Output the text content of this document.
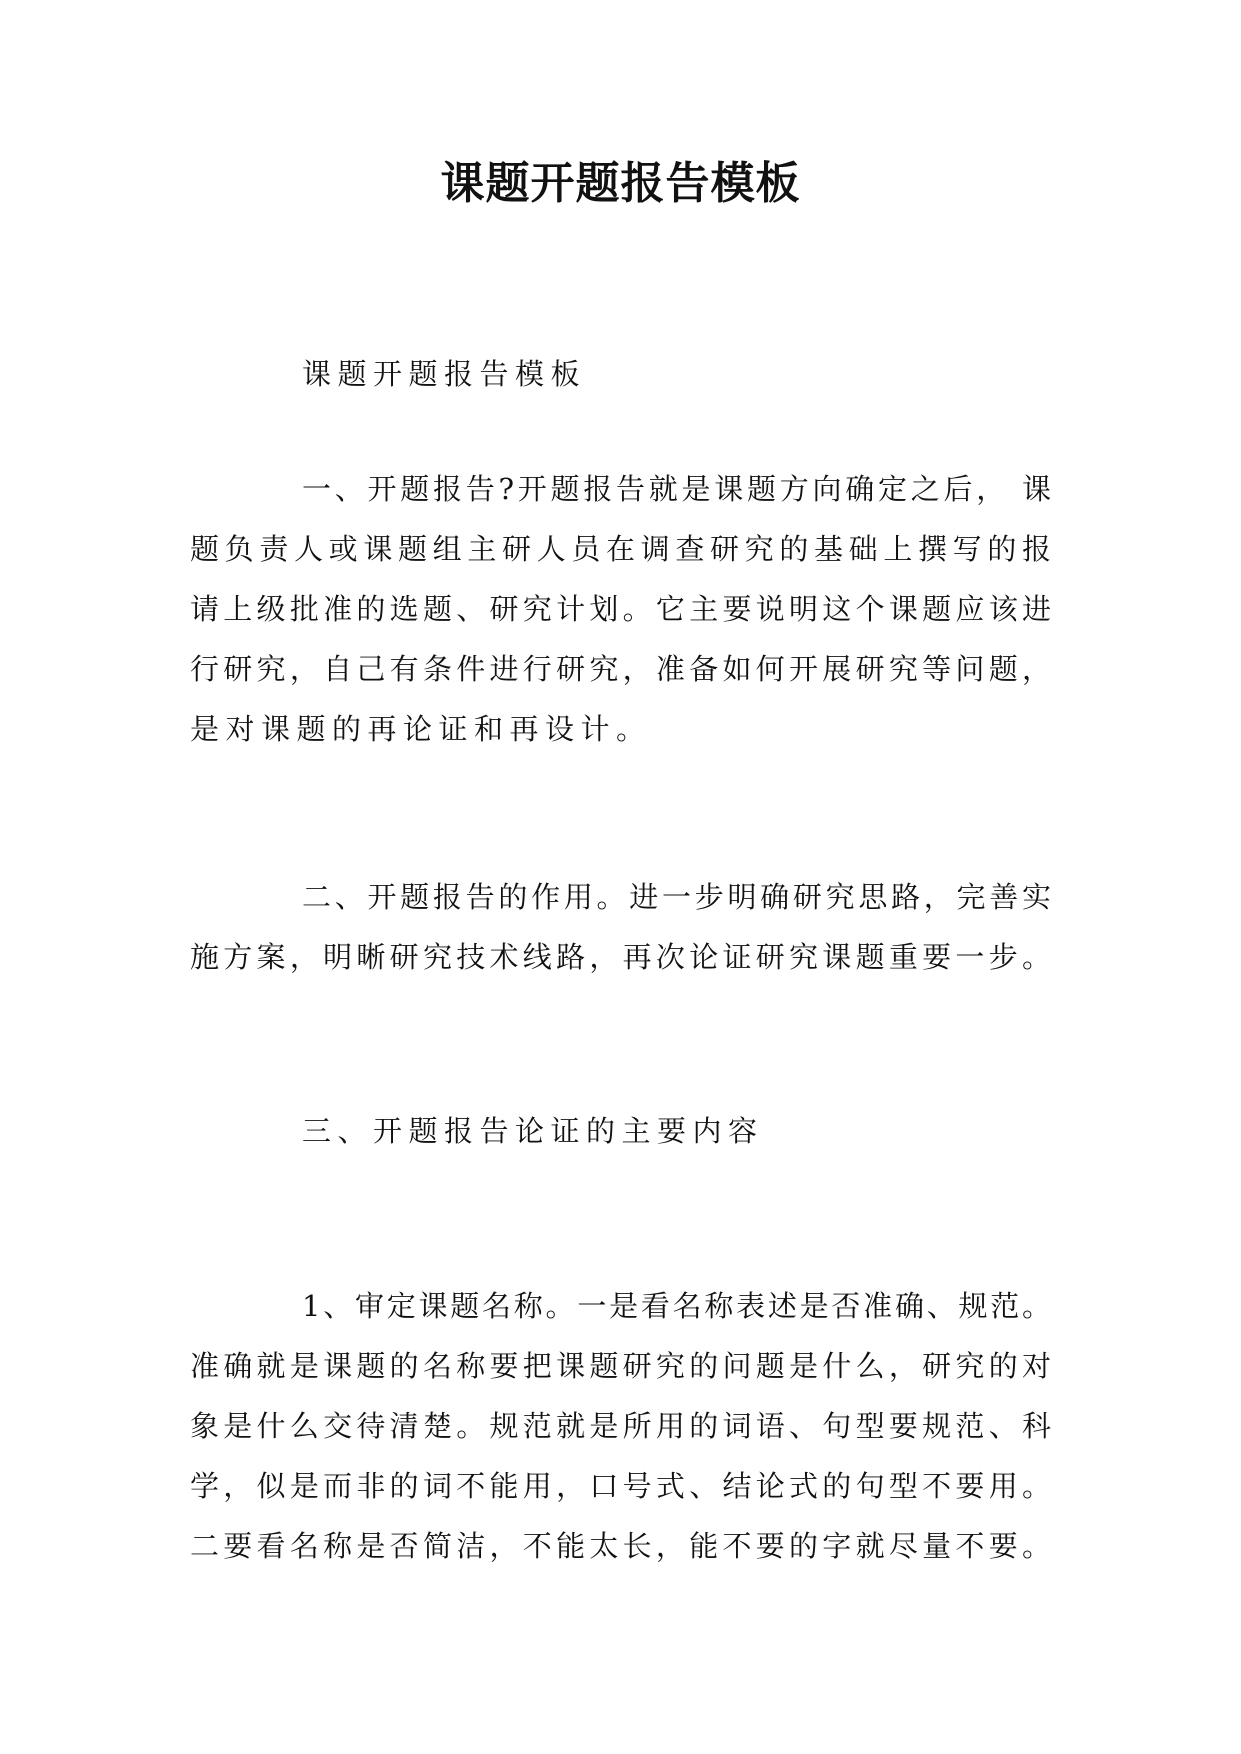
课题开题报告模板
课题开题报告模板
一、开题报告?开题报告就是课题方向确定之后， 课
题负责人或课题组主研人员在调查研究的基础上撰写的报
请上级批准的选题、研究计划。它主要说明这个课题应该进
行研究，自己有条件进行研究，准备如何开展研究等问题，
是对课题的再论证和再设计。
二、开题报告的作用。进一步明确研究思路，完善实
施方案，明晰研究技术线路，再次论证研究课题重要一步。
三、开题报告论证的主要内容
1、审定课题名称。一是看名称表述是否准确、规范。
准确就是课题的名称要把课题研究的问题是什么，研究的对
象是什么交待清楚。规范就是所用的词语、句型要规范、科
学，似是而非的词不能用，口号式、结论式的句型不要用。
二要看名称是否简洁，不能太长，能不要的字就尽量不要。
